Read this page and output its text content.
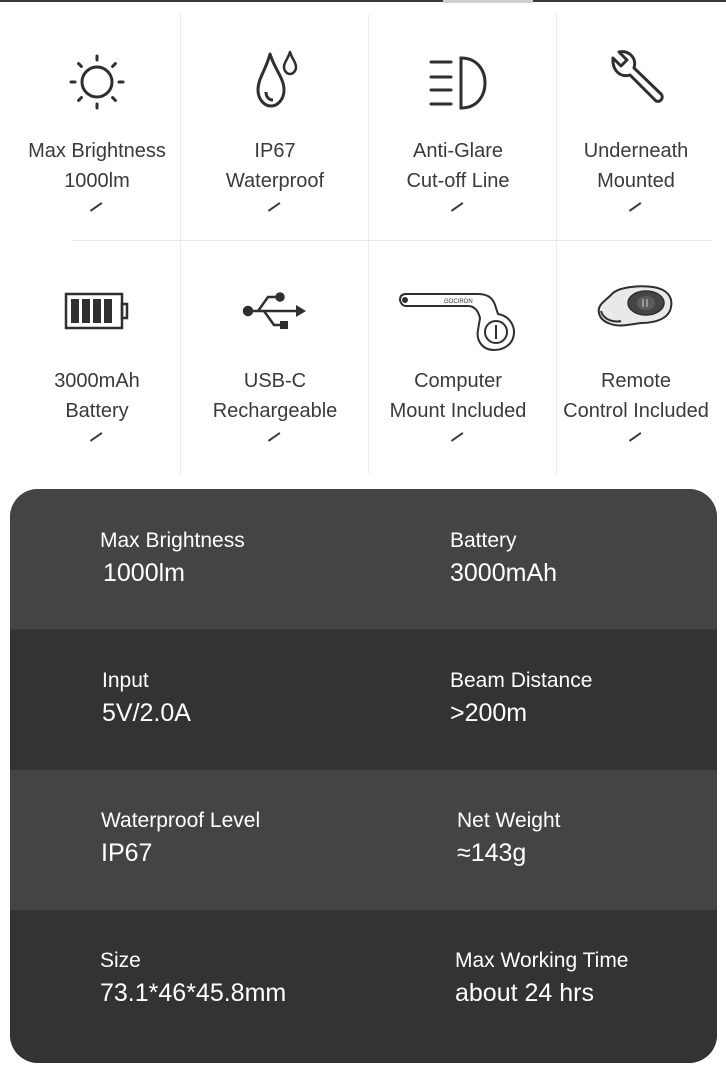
Max Brightness
1000lm
IP67
Waterproof
Anti-Glare
Cut-off Line
Underneath
Mounted
3000mAh
Battery
USB-C
Rechargeable
GOCIRON
Computer
Mount Included
Remote
Control Included
Max Brightness
1000lm
Battery
3000mAh
Input
5V/2.0A
Beam Distance
>200m
Waterproof Level
IP67
Net Weight
≈143g
Size
73.1*46*45.8mm
Max Working Time
about 24 hrs
